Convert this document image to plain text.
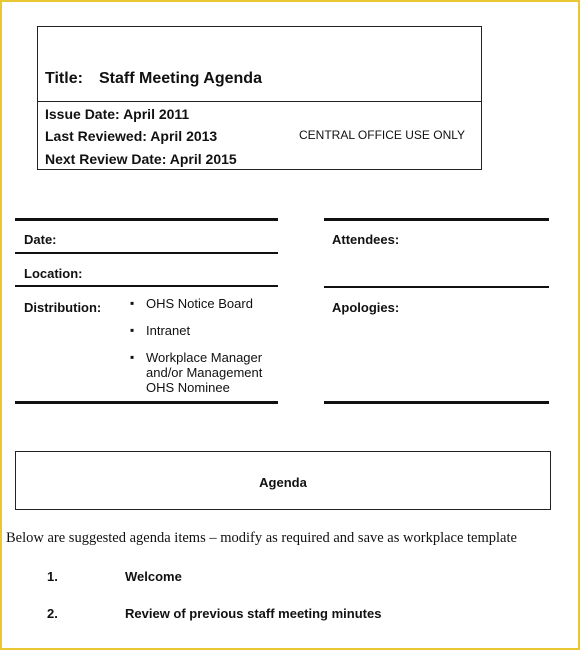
Title: Staff Meeting Agenda
Issue Date: April 2011
Last Reviewed: April 2013
Next Review Date: April 2015
CENTRAL OFFICE USE ONLY
Date:
Location:
Distribution: ▪ OHS Notice Board
▪ Intranet
▪ Workplace Manager and/or Management OHS Nominee
Attendees:
Apologies:
Agenda
Below are suggested agenda items – modify as required and save as workplace template
1.	Welcome
2.	Review of previous staff meeting minutes
